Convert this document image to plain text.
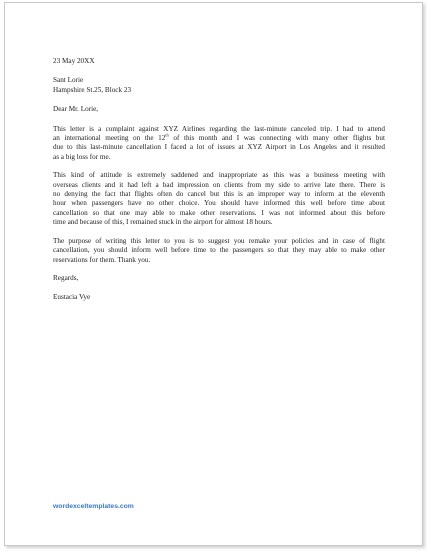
23 May 20XX
Sant Lorie
Hampshire St.25, Block 23
Dear Mr. Lorie,
This letter is a complaint against XYZ Airlines regarding the last-minute canceled trip. I had to attend
an international meeting on the 12th of this month and I was connecting with many other flights but
due to this last-minute cancellation I faced a lot of issues at XYZ Airport in Los Angeles and it resulted
as a big loss for me.
This kind of attitude is extremely saddened and inappropriate as this was a business meeting with
overseas clients and it had left a bad impression on clients from my side to arrive late there. There is
no denying the fact that flights often do cancel but this is an improper way to inform at the eleventh
hour when passengers have no other choice. You should have informed this well before time about
cancellation so that one may able to make other reservations. I was not informed about this before
time and because of this, I remained stuck in the airport for almost 18 hours.
The purpose of writing this letter to you is to suggest you remake your policies and in case of flight
cancellation, you should inform well before time to the passengers so that they may able to make other
reservations for them. Thank you.
Regards,
Eustacia Vye
wordexceltemplates.com
